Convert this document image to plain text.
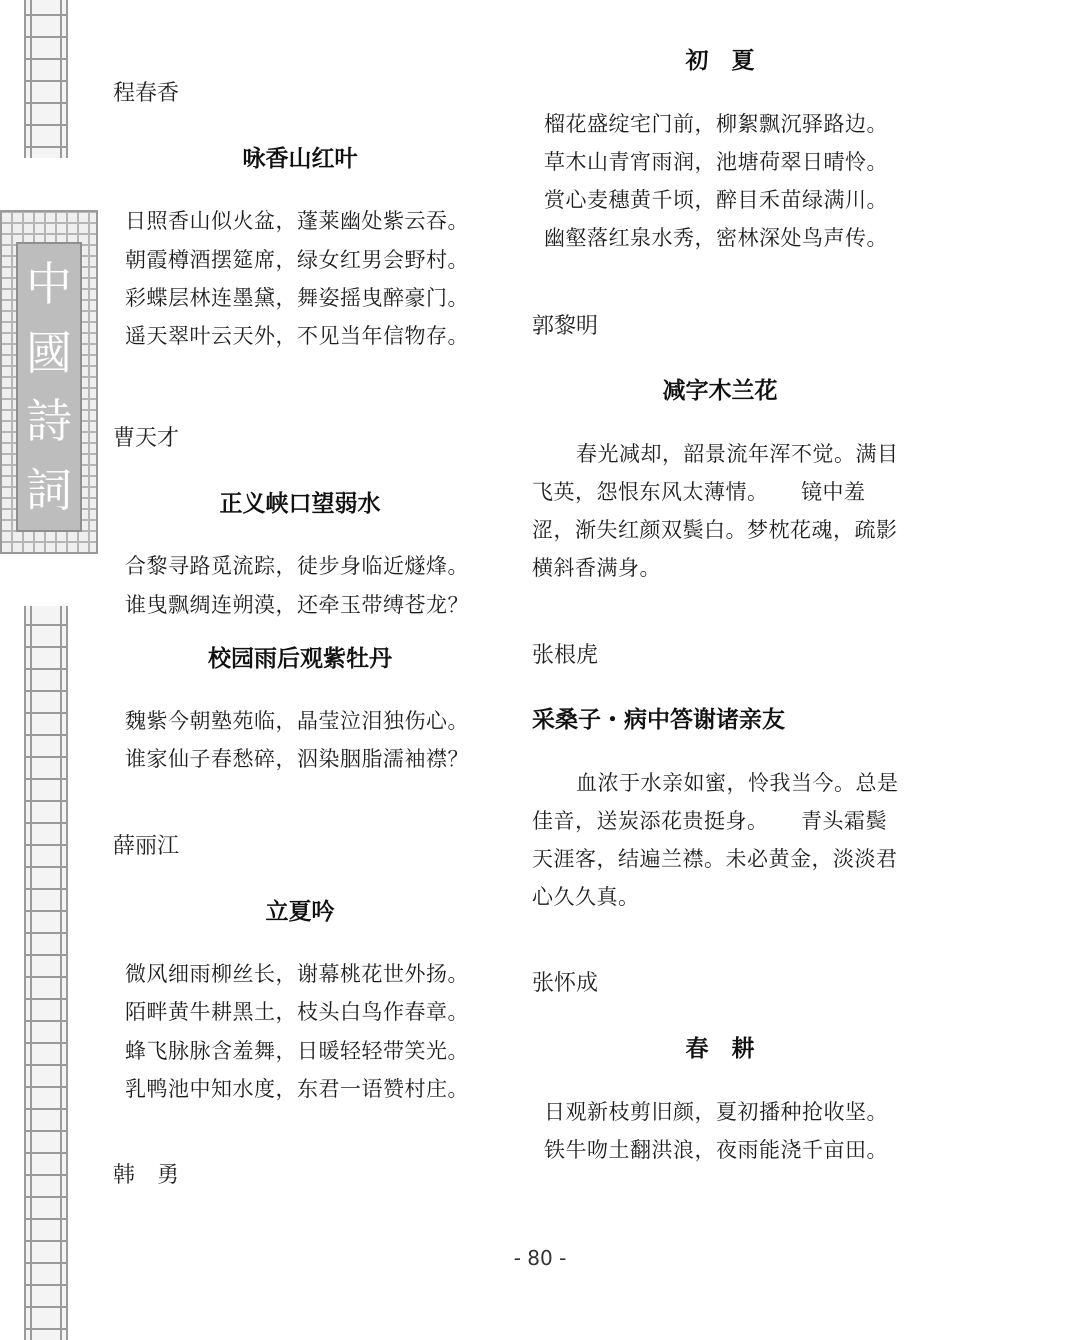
中
國
詩
詞
程春香
咏香山红叶
日照香山似火盆，蓬莱幽处紫云吞。
朝霞樽酒摆筵席，绿女红男会野村。
彩蝶层林连墨黛，舞姿摇曳醉豪门。
遥天翠叶云天外，不见当年信物存。
曹天才
正义峡口望弱水
合黎寻路觅流踪，徒步身临近燧烽。
谁曳飘绸连朔漠，还牵玉带缚苍龙？
校园雨后观紫牡丹
魏紫今朝塾苑临，晶莹泣泪独伤心。
谁家仙子春愁碎，泅染胭脂濡袖襟？
薛丽江
立夏吟
微风细雨柳丝长，谢幕桃花世外扬。
陌畔黄牛耕黑土，枝头白鸟作春章。
蜂飞脉脉含羞舞，日暖轻轻带笑光。
乳鸭池中知水度，东君一语赞村庄。
韩　勇
初　夏
榴花盛绽宅门前，柳絮飘沉驿路边。
草木山青宵雨润，池塘荷翠日晴怜。
赏心麦穗黄千顷，醉目禾苗绿满川。
幽壑落红泉水秀，密林深处鸟声传。
郭黎明
减字木兰花
春光减却，韶景流年浑不觉。满目
飞英，怨恨东风太薄情。　　镜中羞
涩，渐失红颜双鬓白。梦枕花魂，疏影
横斜香满身。
张根虎
采桑子・病中答谢诸亲友
血浓于水亲如蜜，怜我当今。总是
佳音，送炭添花贵挺身。　　青头霜鬓
天涯客，结遍兰襟。未必黄金，淡淡君
心久久真。
张怀成
春　耕
日观新枝剪旧颜，夏初播种抢收坚。
铁牛吻土翻洪浪，夜雨能浇千亩田。
- 80 -
